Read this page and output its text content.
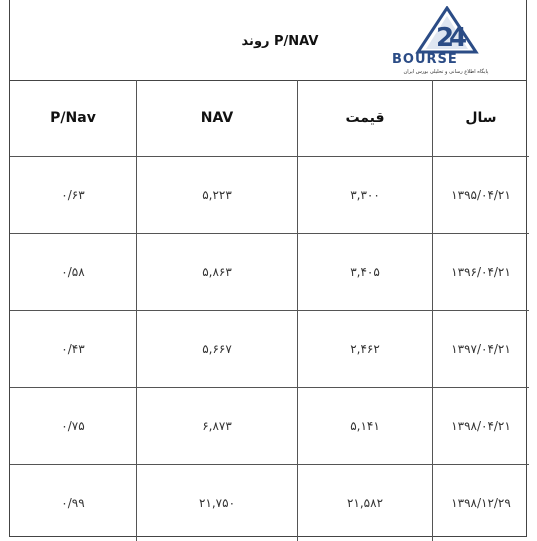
P/NAV روند	2
4
BOURSE
پایگاه اطلاع رسانی و تحلیلی بورس ایران
سال	قیمت	NAV	P/Nav
۱۳۹۵/۰۴/۲۱	۳,۳۰۰	۵,۲۲۳	۰/۶۳
۱۳۹۶/۰۴/۲۱	۳,۴۰۵	۵,۸۶۳	۰/۵۸
۱۳۹۷/۰۴/۲۱	۲,۴۶۲	۵,۶۶۷	۰/۴۳
۱۳۹۸/۰۴/۲۱	۵,۱۴۱	۶,۸۷۳	۰/۷۵
۱۳۹۸/۱۲/۲۹	۲۱,۵۸۲	۲۱,۷۵۰	۰/۹۹
